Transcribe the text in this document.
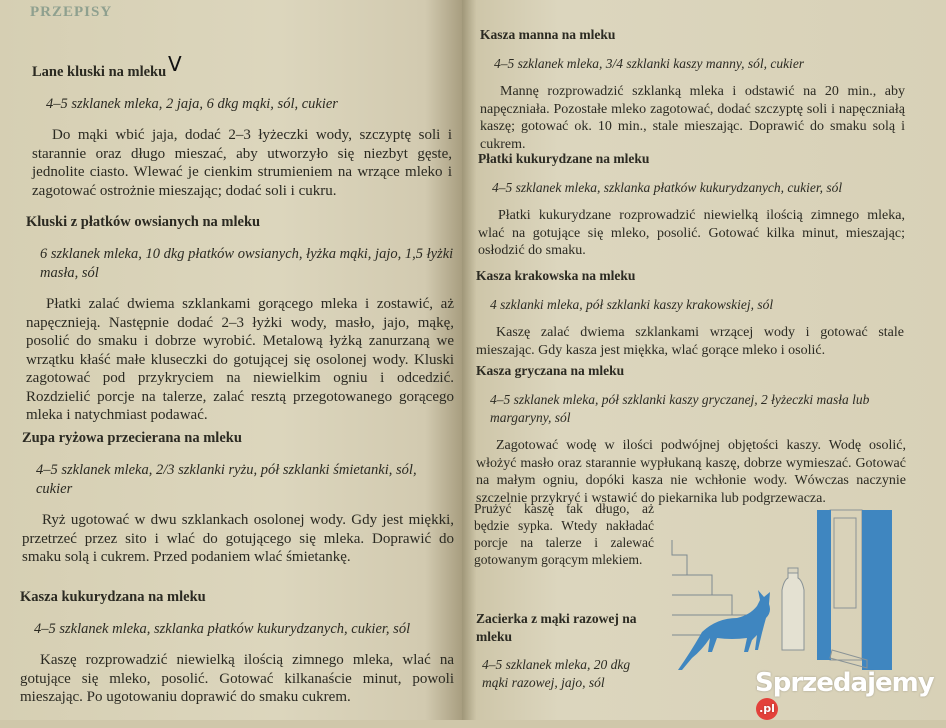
PRZEPISY
V
Lane kluski na mleku
4–5 szklanek mleka, 2 jaja, 6 dkg mąki, sól, cukier

Do mąki wbić jaja, dodać 2–3 łyżeczki wody, szczyptę soli i starannie oraz długo mieszać, aby utworzyło się niezbyt gęste, jednolite ciasto. Wlewać je cienkim strumieniem na wrzące mleko i zagotować ostrożnie mieszając; dodać soli i cukru.

Kluski z płatków owsianych na mleku
6 szklanek mleka, 10 dkg płatków owsianych, łyżka mąki, jajo, 1,5 łyżki masła, sól

Płatki zalać dwiema szklankami gorącego mleka i zostawić, aż napęcznieją. Następnie dodać 2–3 łyżki wody, masło, jajo, mąkę, posolić do smaku i dobrze wyrobić. Metalową łyżką zanurzaną we wrzątku kłaść małe kluseczki do gotującej się osolonej wody. Kluski zagotować pod przykryciem na niewielkim ogniu i odcedzić. Rozdzielić porcje na talerze, zalać resztą przegotowanego gorącego mleka i natychmiast podawać.

Zupa ryżowa przecierana na mleku
4–5 szklanek mleka, 2/3 szklanki ryżu, pół szklanki śmietanki, sól, cukier

Ryż ugotować w dwu szklankach osolonej wody. Gdy jest miękki, przetrzeć przez sito i wlać do gotującego się mleka. Doprawić do smaku solą i cukrem. Przed podaniem wlać śmietankę.

Kasza kukurydzana na mleku
4–5 szklanek mleka, szklanka płatków kukurydzanych, cukier, sól

Kaszę rozprowadzić niewielką ilością zimnego mleka, wlać na gotujące się mleko, posolić. Gotować kilkanaście minut, powoli mieszając. Po ugotowaniu doprawić do smaku cukrem.

Kasza manna na mleku
4–5 szklanek mleka, 3/4 szklanki kaszy manny, sól, cukier

Mannę rozprowadzić szklanką mleka i odstawić na 20 min., aby napęczniała. Pozostałe mleko zagotować, dodać szczyptę soli i napęczniałą kaszę; gotować ok. 10 min., stale mieszając. Doprawić do smaku solą i cukrem.

Płatki kukurydzane na mleku
4–5 szklanek mleka, szklanka płatków kukurydzanych, cukier, sól

Płatki kukurydzane rozprowadzić niewielką ilością zimnego mleka, wlać na gotujące się mleko, posolić. Gotować kilka minut, mieszając; osłodzić do smaku.

Kasza krakowska na mleku
4 szklanki mleka, pół szklanki kaszy krakowskiej, sól

Kaszę zalać dwiema szklankami wrzącej wody i gotować stale mieszając. Gdy kasza jest miękka, wlać gorące mleko i osolić.

Kasza gryczana na mleku
4–5 szklanek mleka, pół szklanki kaszy gryczanej, 2 łyżeczki masła lub margaryny, sól

Zagotować wodę w ilości podwójnej objętości kaszy. Wodę osolić, włożyć masło oraz starannie wypłukaną kaszę, dobrze wymieszać. Gotować na małym ogniu, dopóki kasza nie wchłonie wody. Wówczas naczynie szczelnie przykryć i wstawić do piekarnika lub podgrzewacza.

Prużyć kaszę tak długo, aż będzie sypka. Wtedy nakładać porcje na talerze i zalewać gotowanym gorącym mlekiem.

Zacierka z mąki razowej na mleku
4–5 szklanek mleka, 20 dkg mąki razowej, jajo, sól	Sprzedajemy.pl
